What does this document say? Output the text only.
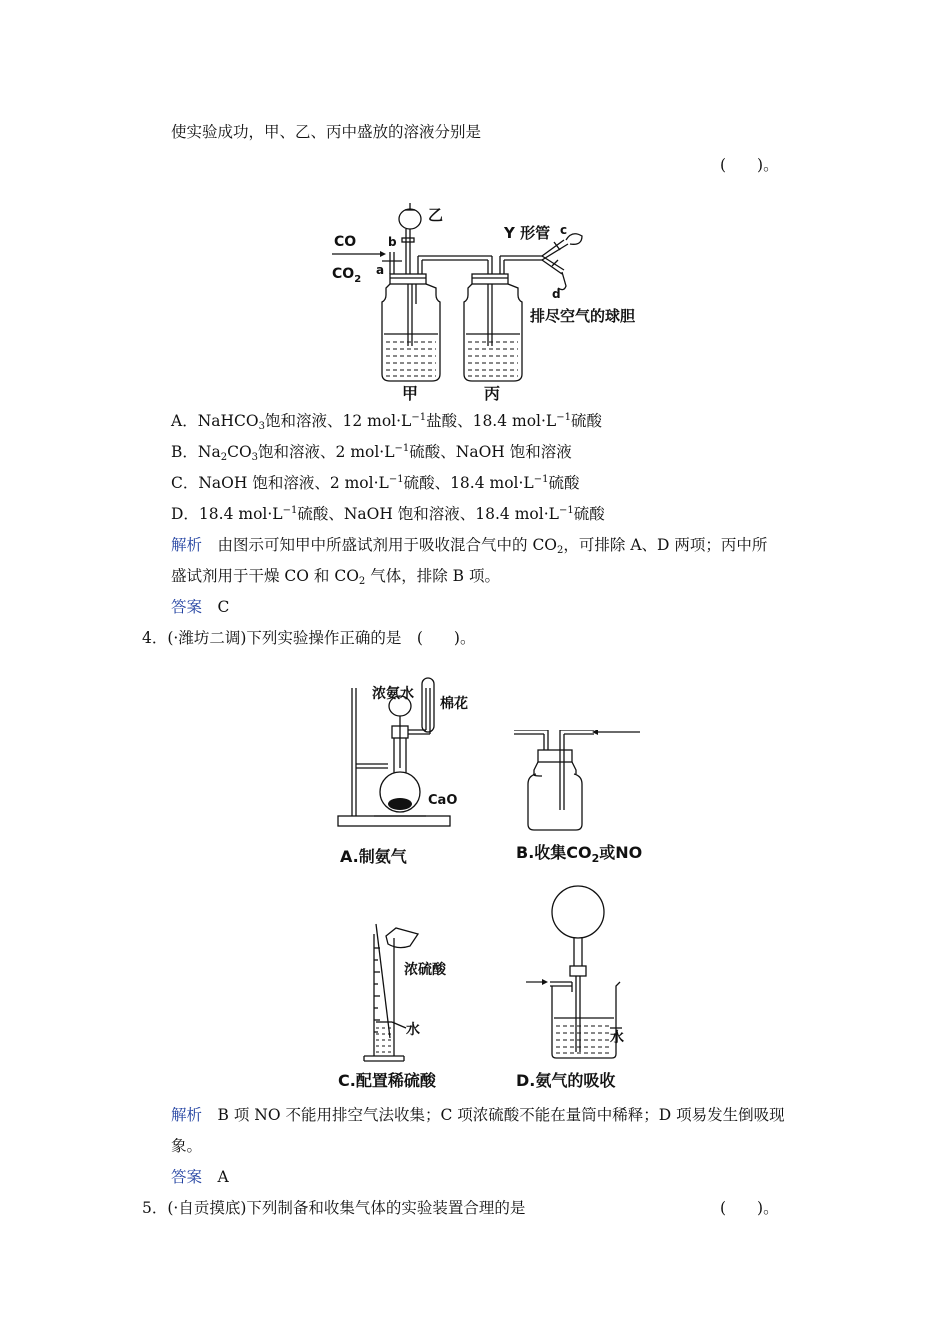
使实验成功，甲、乙、丙中盛放的溶液分别是
(　　)。
乙
CO
$CO_2$
b
a
Y 形管 c
d
排尽空气的球胆
甲	丙
A．NaHCO$_3$饱和溶液、12 $mol\cdot L^{-1}$盐酸、18.4 $mol\cdot L^{-1}$硫酸
B．$Na_2CO_3$饱和溶液、2 $mol\cdot L^{-1}$硫酸、NaOH 饱和溶液
C．NaOH 饱和溶液、2 $mol\cdot L^{-1}$硫酸、18.4 $mol\cdot L^{-1}$硫酸
D．18.4 $mol\cdot L^{-1}$硫酸、NaOH 饱和溶液、18.4 $mol\cdot L^{-1}$硫酸
解析　由图示可知甲中所盛试剂用于吸收混合气中的 $CO_2$，可排除 A、D 两项；丙中所
盛试剂用于干燥 CO 和 $CO_2$ 气体，排除 B 项。
答案　 C
4．(·潍坊二调)下列实验操作正确的是　(　　)。
浓氨水
棉花
CaO
A.制氨气	B.收集$CO_2$或NO
浓硫酸
水
C.配置稀硫酸
水
D.氨气的吸收
解析　B 项 NO 不能用排空气法收集；C 项浓硫酸不能在量筒中稀释；D 项易发生倒吸现
象。
答案　 A
5．(·自贡摸底)下列制备和收集气体的实验装置合理的是	(　　)。
